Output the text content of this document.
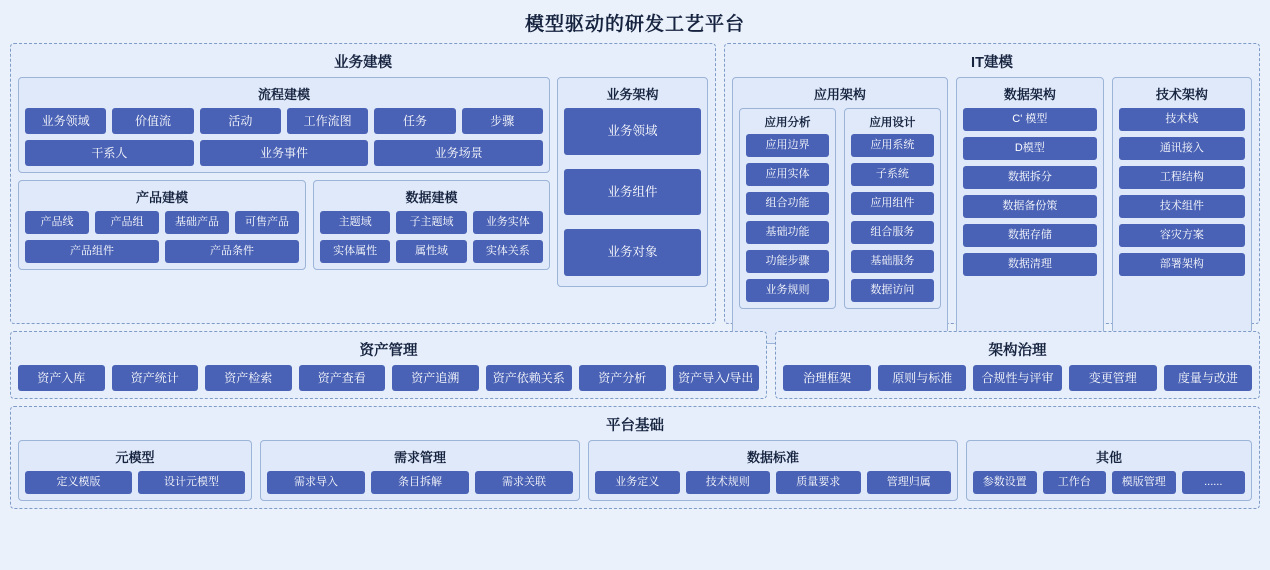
模型驱动的研发工艺平台
业务建模
流程建模
业务领域	价值流	活动	工作流图	任务	步骤
干系人	业务事件	业务场景
产品建模
产品线	产品组	基础产品	可售产品
产品组件	产品条件
数据建模
主题域	子主题域	业务实体
实体属性	属性域	实体关系
业务架构
业务领域
业务组件
业务对象
IT建模
应用架构
应用分析
应用边界
应用实体
组合功能
基础功能
功能步骤
业务规则
应用设计
应用系统
子系统
应用组件
组合服务
基础服务
数据访问
数据架构
C' 模型
D模型
数据拆分
数据备份策
数据存储
数据清理
技术架构
技术栈
通讯接入
工程结构
技术组件
容灾方案
部署架构
资产管理
资产入库	资产统计	资产检索	资产查看	资产追溯	资产依赖关系	资产分析	资产导入/导出
架构治理
治理框架	原则与标准	合规性与评审	变更管理	度量与改进
平台基础
元模型
定义模版	设计元模型
需求管理
需求导入	条目拆解	需求关联
数据标准
业务定义	技术规则	质量要求	管理归属
其他
参数设置	工作台	模版管理	......
